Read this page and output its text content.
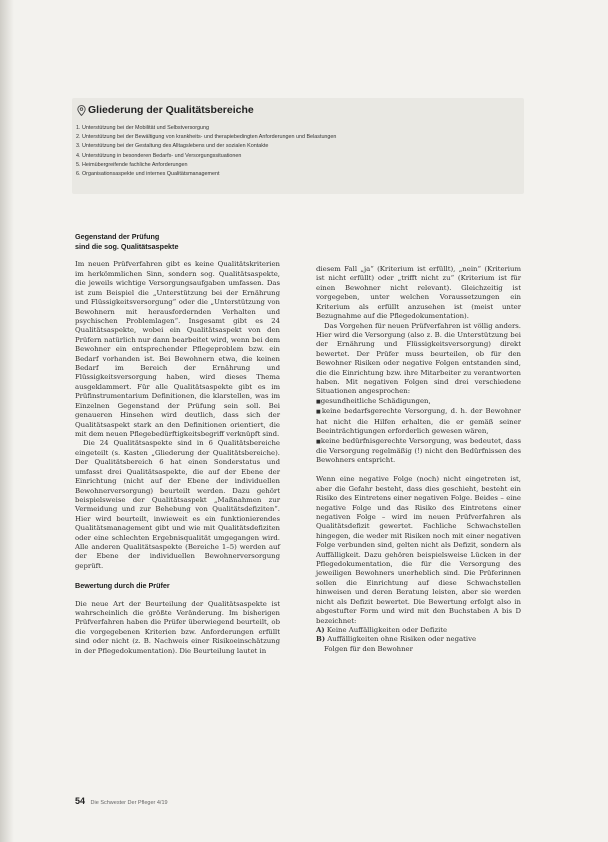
Gliederung der Qualitätsbereiche
1. Unterstützung bei der Mobilität und Selbstversorgung
2. Unterstützung bei der Bewältigung von krankheits- und therapiebedingten Anforderungen und Belastungen
3. Unterstützung bei der Gestaltung des Alltagslebens und der sozialen Kontakte
4. Unterstützung in besonderen Bedarfs- und Versorgungssituationen
5. Heimübergreifende fachliche Anforderungen
6. Organisationsaspekte und internes Qualitätsmanagement

Gegenstand der Prüfung

sind die sog. Qualitätsaspekte

Im neuen Prüfverfahren gibt es keine Qualitätskriterien im herkömmlichen Sinn, sondern sog. Qualitätsaspekte, die jeweils wichtige Versorgungsaufgaben umfassen. Das ist zum Beispiel die „Unterstützung bei der Ernährung und Flüssigkeitsversorgung“ oder die „Unterstützung von Bewohnern mit herausfordernden Verhalten und psychischen Problemlagen“. Insgesamt gibt es 24 Qualitätsaspekte, wobei ein Qualitätsaspekt von den Prüfern natürlich nur dann bearbeitet wird, wenn bei dem Bewohner ein entsprechender Pflegeproblem bzw. ein Bedarf vorhanden ist. Bei Bewohnern etwa, die keinen Bedarf im Bereich der Ernährung und Flüssigkeitsversorgung haben, wird dieses Thema ausgeklammert. Für alle Qualitätsaspekte gibt es im Prüfinstrumentarium Definitionen, die klarstellen, was im Einzelnen Gegenstand der Prüfung sein soll. Bei genaueren Hinsehen wird deutlich, dass sich der Qualitätsaspekt stark an den Definitionen orientiert, die mit dem neuen Pflegebedürftigkeitsbegriff verknüpft sind.

Die 24 Qualitätsaspekte sind in 6 Qualitätsbereiche eingeteilt (s. Kasten „Gliederung der Qualitätsbereiche). Der Qualitätsbereich 6 hat einen Sonderstatus und umfasst drei Qualitätsaspekte, die auf der Ebene der Einrichtung (nicht auf der Ebene der individuellen Bewohnerversorgung) beurteilt werden. Dazu gehört beispielsweise der Qualitätsaspekt „Maßnahmen zur Vermeidung und zur Behebung von Qualitätsdefiziten“. Hier wird beurteilt, inwieweit es ein funktionierendes Qualitätsmanagement gibt und wie mit Qualitätsdefiziten oder eine schlechten Ergebnisqualität umgegangen wird. Alle anderen Qualitätsaspekte (Bereiche 1–5) werden auf der Ebene der individuellen Bewohnerversorgung geprüft.

Bewertung durch die Prüfer

Die neue Art der Beurteilung der Qualitätsaspekte ist wahrscheinlich die größte Veränderung. Im bisherigen Prüfverfahren haben die Prüfer überwiegend beurteilt, ob die vorgegebenen Kriterien bzw. Anforderungen erfüllt sind oder nicht (z. B. Nachweis einer Risikoeinschätzung in der Pflegedokumentation). Die Beurteilung lautet in

diesem Fall „ja“ (Kriterium ist erfüllt), „nein“ (Kriterium ist nicht erfüllt) oder „trifft nicht zu“ (Kriterium ist für einen Bewohner nicht relevant). Gleichzeitig ist vorgegeben, unter welchen Voraussetzungen ein Kriterium als erfüllt anzusehen ist (meist unter Bezugnahme auf die Pflegedokumentation).

Das Vorgehen für neuen Prüfverfahren ist völlig anders. Hier wird die Versorgung (also z. B. die Unterstützung bei der Ernährung und Flüssigkeitsversorgung) direkt bewertet. Der Prüfer muss beurteilen, ob für den Bewohner Risiken oder negative Folgen entstanden sind, die die Einrichtung bzw. ihre Mitarbeiter zu verantworten haben. Mit negativen Folgen sind drei verschiedene Situationen angesprochen:

■ gesundheitliche Schädigungen,

■ keine bedarfsgerechte Versorgung, d. h. der Bewohner hat nicht die Hilfen erhalten, die er gemäß seiner Beeinträchtigungen erforderlich gewesen wären,

■ keine bedürfnisgerechte Versorgung, was bedeutet, dass die Versorgung regelmäßig (!) nicht den Bedürfnissen des Bewohners entspricht.

Wenn eine negative Folge (noch) nicht eingetreten ist, aber die Gefahr besteht, dass dies geschieht, besteht ein Risiko des Eintretens einer negativen Folge. Beides – eine negative Folge und das Risiko des Eintretens einer negativen Folge – wird im neuen Prüfverfahren als Qualitätsdefizit gewertet. Fachliche Schwachstellen hingegen, die weder mit Risiken noch mit einer negativen Folge verbunden sind, gelten nicht als Defizit, sondern als Auffälligkeit. Dazu gehören beispielsweise Lücken in der Pflegedokumentation, die für die Versorgung des jeweiligen Bewohners unerheblich sind. Die Prüferinnen sollen die Einrichtung auf diese Schwachstellen hinweisen und deren Beratung leisten, aber sie werden nicht als Defizit bewertet. Die Bewertung erfolgt also in abgestufter Form und wird mit den Buchstaben A bis D bezeichnet:

A) Keine Auffälligkeiten oder Defizite

B) Auffälligkeiten ohne Risiken oder negative

Folgen für den Bewohner

54 Die Schwester Der Pfleger 4/19
